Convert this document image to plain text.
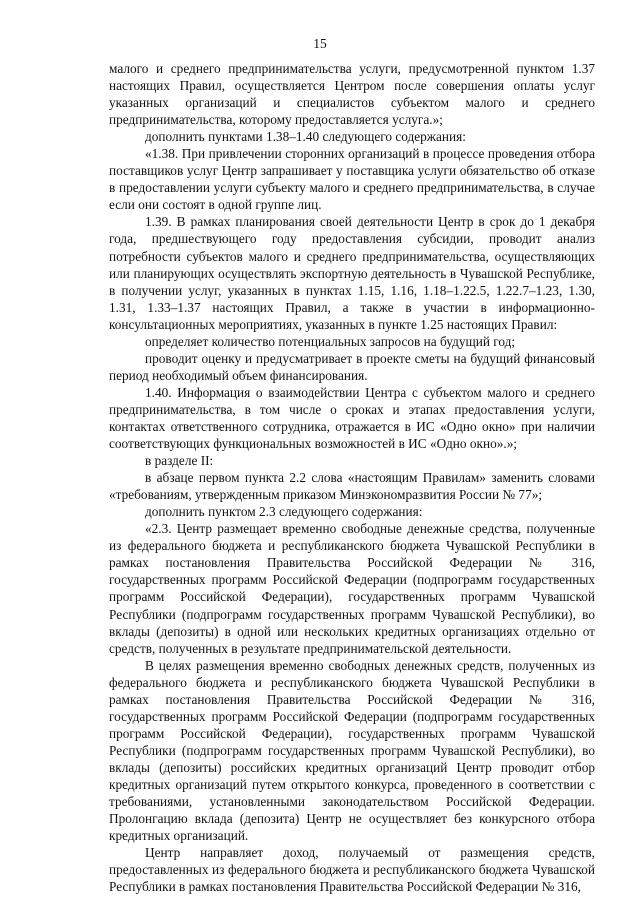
15

малого и среднего предпринимательства услуги, предусмотренной пунктом 1.37 настоящих Правил, осуществляется Центром после совершения оплаты услуг указанных организаций и специалистов субъектом малого и среднего предпринимательства, которому предоставляется услуга.»;

дополнить пунктами 1.38–1.40 следующего содержания:

«1.38. При привлечении сторонних организаций в процессе проведения отбора поставщиков услуг Центр запрашивает у поставщика услуги обязательство об отказе в предоставлении услуги субъекту малого и среднего предпринимательства, в случае если они состоят в одной группе лиц.

1.39. В рамках планирования своей деятельности Центр в срок до 1 декабря года, предшествующего году предоставления субсидии, проводит анализ потребности субъектов малого и среднего предпринимательства, осуществляющих или планирующих осуществлять экспортную деятельность в Чувашской Республике, в получении услуг, указанных в пунктах 1.15, 1.16, 1.18–1.22.5, 1.22.7–1.23, 1.30, 1.31, 1.33–1.37 настоящих Правил, а также в участии в информационно-консультационных мероприятиях, указанных в пункте 1.25 настоящих Правил:

определяет количество потенциальных запросов на будущий год;

проводит оценку и предусматривает в проекте сметы на будущий финансовый период необходимый объем финансирования.

1.40. Информация о взаимодействии Центра с субъектом малого и среднего предпринимательства, в том числе о сроках и этапах предоставления услуги, контактах ответственного сотрудника, отражается в ИС «Одно окно» при наличии соответствующих функциональных возможностей в ИС «Одно окно».»;

в разделе II:

в абзаце первом пункта 2.2 слова «настоящим Правилам» заменить словами «требованиям, утвержденным приказом Минэкономразвития России № 77»;

дополнить пунктом 2.3 следующего содержания:

«2.3. Центр размещает временно свободные денежные средства, полученные из федерального бюджета и республиканского бюджета Чувашской Республики в рамках постановления Правительства Российской Федерации № 316, государственных программ Российской Федерации (подпрограмм государственных программ Российской Федерации), государственных программ Чувашской Республики (подпрограмм государственных программ Чувашской Республики), во вклады (депозиты) в одной или нескольких кредитных организациях отдельно от средств, полученных в результате предпринимательской деятельности.

В целях размещения временно свободных денежных средств, полученных из федерального бюджета и республиканского бюджета Чувашской Республики в рамках постановления Правительства Российской Федерации № 316, государственных программ Российской Федерации (подпрограмм государственных программ Российской Федерации), государственных программ Чувашской Республики (подпрограмм государственных программ Чувашской Республики), во вклады (депозиты) российских кредитных организаций Центр проводит отбор кредитных организаций путем открытого конкурса, проведенного в соответствии с требованиями, установленными законодательством Российской Федерации. Пролонгацию вклада (депозита) Центр не осуществляет без конкурсного отбора кредитных организаций.

Центр направляет доход, получаемый от размещения средств, предоставленных из федерального бюджета и республиканского бюджета Чувашской Республики в рамках постановления Правительства Российской Федерации № 316,
